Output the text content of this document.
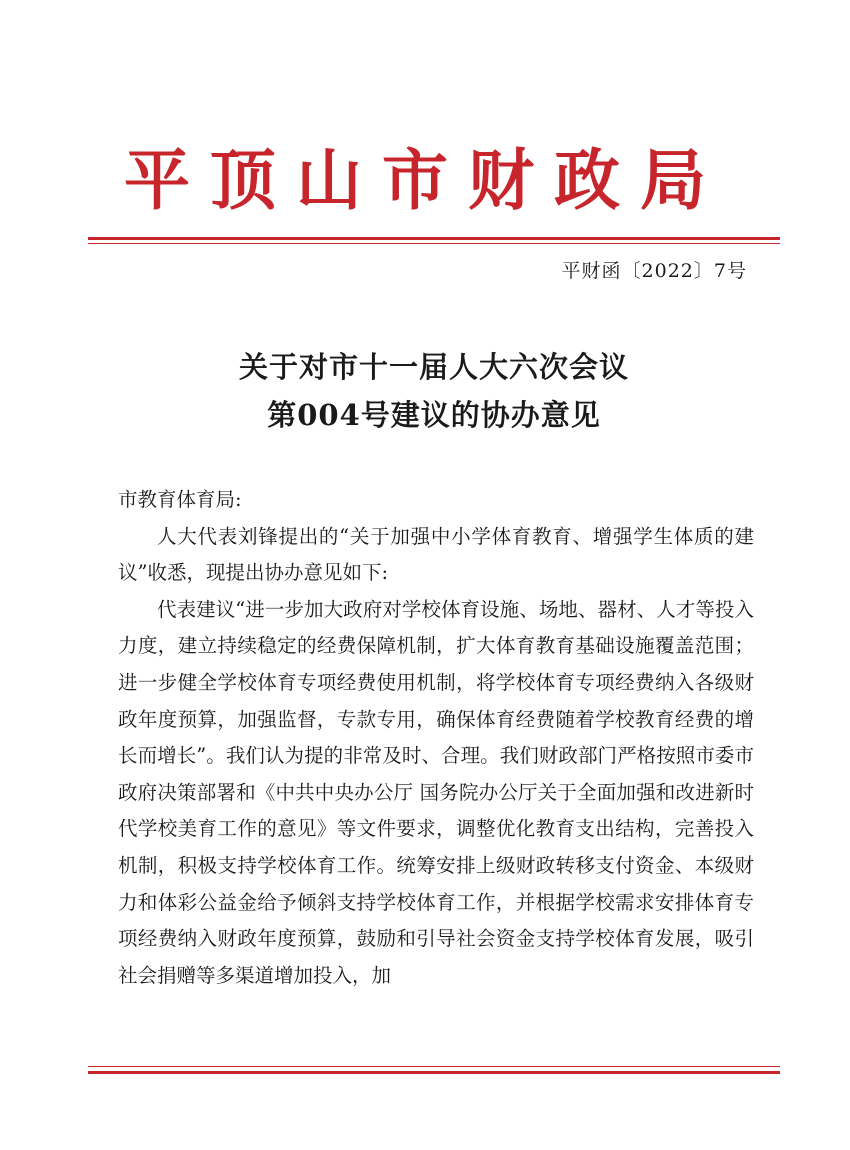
平顶山市财政局
平财函〔2022〕7号
关于对市十一届人大六次会议
第004号建议的协办意见
市教育体育局:
人大代表刘锋提出的“关于加强中小学体育教育、增强学生体质的建议”收悉，现提出协办意见如下:
代表建议“进一步加大政府对学校体育设施、场地、器材、人才等投入力度，建立持续稳定的经费保障机制，扩大体育教育基础设施覆盖范围；进一步健全学校体育专项经费使用机制，将学校体育专项经费纳入各级财政年度预算，加强监督，专款专用，确保体育经费随着学校教育经费的增长而增长”。我们认为提的非常及时、合理。我们财政部门严格按照市委市政府决策部署和《中共中央办公厅 国务院办公厅关于全面加强和改进新时代学校美育工作的意见》等文件要求，调整优化教育支出结构，完善投入机制，积极支持学校体育工作。统筹安排上级财政转移支付资金、本级财力和体彩公益金给予倾斜支持学校体育工作，并根据学校需求安排体育专项经费纳入财政年度预算，鼓励和引导社会资金支持学校体育发展，吸引社会捐赠等多渠道增加投入，加
